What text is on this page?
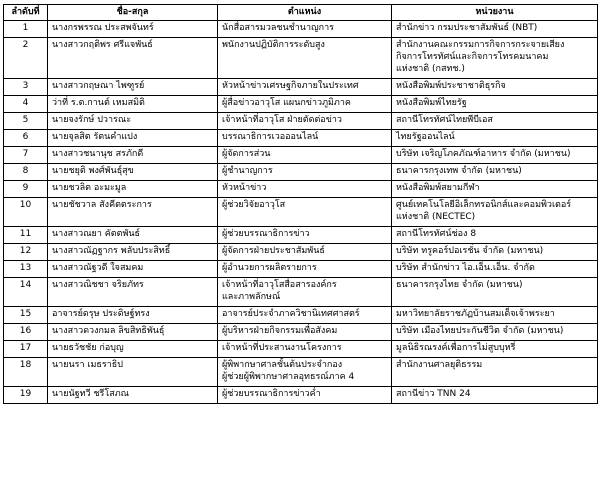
ลำดับที่	ชื่อ-สกุล	ตำแหน่ง	หน่วยงาน
1	นางกรพรรณ ประสพจันทร์	นักสื่อสารมวลชนชำนาญการ	สำนักข่าว กรมประชาสัมพันธ์ (NBT)

2	นางสาวกฤติพร ศรีแจพันธ์	พนักงานปฏิบัติการระดับสูง	สำนักงานคณะกรรมการกิจการกระจายเสียง
กิจการโทรทัศน์และกิจการโทรคมนาคม
แห่งชาติ (กสทช.)

3	นางสาวกฤษณา ไพฑูรย์	หัวหน้าข่าวเศรษฐกิจภายในประเทศ	หนังสือพิมพ์ประชาชาติธุรกิจ

4	ว่าที่ ร.ต.กานต์ เหมสมิติ	ผู้สื่อข่าวอาวุโส แผนกข่าวภูมิภาค	หนังสือพิมพ์ไทยรัฐ

5	นายจงรักษ์ ปวารณะ	เจ้าหน้าที่อาวุโส ฝ่ายตัดต่อข่าว	สถานีโทรทัศน์ไทยพีบีเอส

6	นายจุลสิต รัตนคำแปง	บรรณาธิการเวอออนไลน์	ไทยรัฐออนไลน์

7	นางสาวชนานุช สรภักดี	ผู้จัดการส่วน	บริษัท เจริญโภคภัณฑ์อาหาร จำกัด (มหาชน)

8	นายชยุติ พงศ์พันธุ์สุข	ผู้ชำนาญการ	ธนาคารกรุงเทพ จำกัด (มหาชน)

9	นายชวลิต อะมะมูล	หัวหน้าข่าว	หนังสือพิมพ์สยามกีฬา

10	นายชัชวาล สังคีตตระการ	ผู้ช่วยวิจัยอาวุโส	ศูนย์เทคโนโลยีอิเล็กทรอนิกส์และคอมพิวเตอร์
แห่งชาติ (NECTEC)

11	นางสาวณยา คัตตพันธ์	ผู้ช่วยบรรณาธิการข่าว	สถานีโทรทัศน์ช่อง 8

12	นางสาวณัฏฐากร พลับประสิทธิ์	ผู้จัดการฝ่ายประชาสัมพันธ์	บริษัท ทรูคอร์ปอเรชั่น จำกัด (มหาชน)

13	นางสาวณัฐวดี ใจสมคม	ผู้อำนวยการผลิตรายการ	บริษัท สำนักข่าว ไอ.เอ็น.เอ็น. จำกัด

14	นางสาวณิชชา จริยภัทร	เจ้าหน้าที่อาวุโสสื่อสารองค์กร
และภาพลักษณ์	ธนาคารกรุงไทย จำกัด (มหาชน)

15	อาจารย์ดรุษ ประดิษฐ์ทรง	อาจารย์ประจำภาควิชานิเทศศาสตร์	มหาวิทยาลัยราชภัฏบ้านสมเด็จเจ้าพระยา

16	นางสาวดวงกมล ลิขสิทธิพันธุ์	ผู้บริหารฝ่ายกิจกรรมเพื่อสังคม	บริษัท เมืองไทยประกันชีวิต จำกัด (มหาชน)

17	นายธวัชชัย ก่อบุญ	เจ้าหน้าที่ประสานงานโครงการ	มูลนิธิรณรงค์เพื่อการไม่สูบบุหรี่

18	นายนรา เมธราธิป	ผู้พิพากษาศาลชั้นต้นประจำกอง
ผู้ช่วยผู้พิพากษาศาลอุทธรณ์ภาค 4	สำนักงานศาลยุติธรรม

19	นายนัฐทวี ชรีโสภณ	ผู้ช่วยบรรณาธิการข่าวค่ำ	สถานีข่าว TNN 24
